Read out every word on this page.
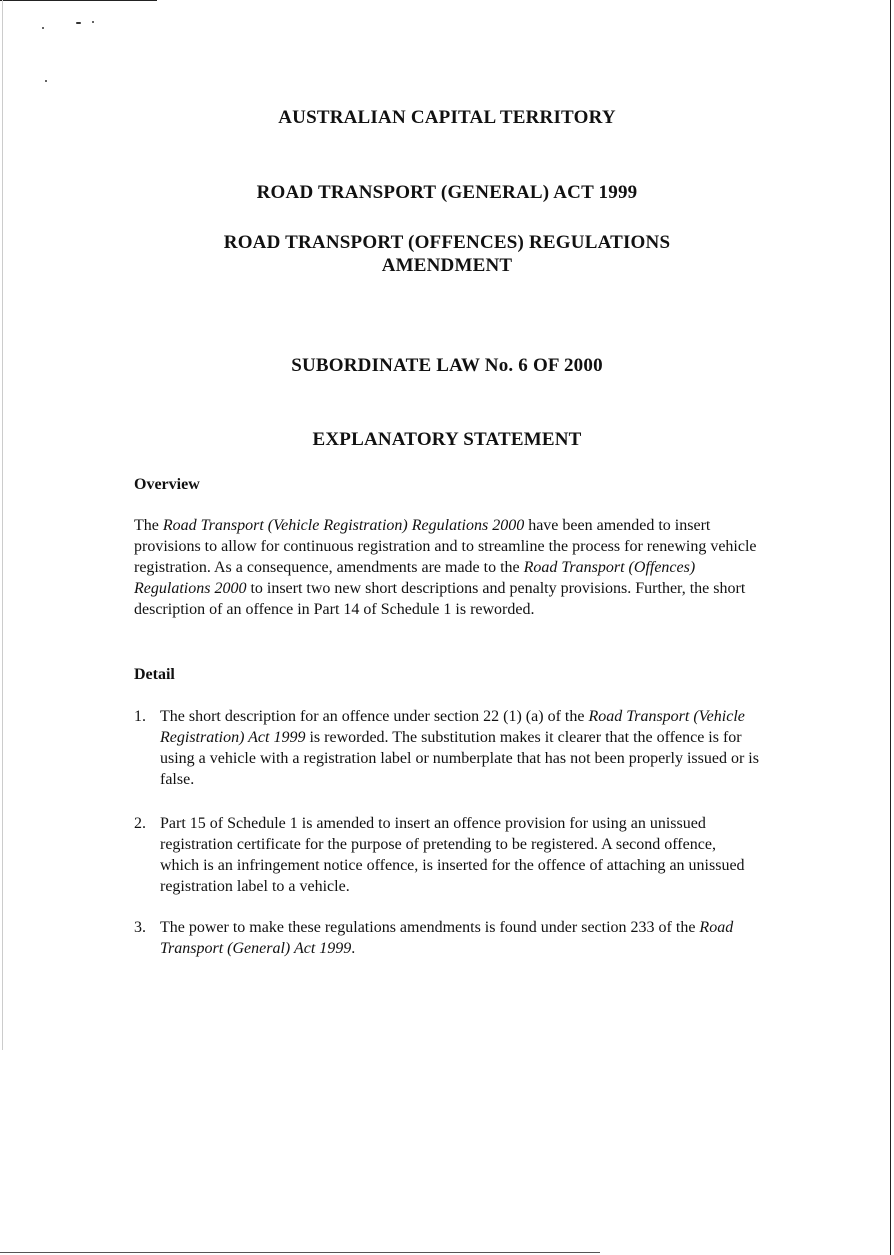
AUSTRALIAN CAPITAL TERRITORY
ROAD TRANSPORT (GENERAL) ACT 1999
ROAD TRANSPORT (OFFENCES) REGULATIONS
AMENDMENT
SUBORDINATE LAW No. 6 OF 2000
EXPLANATORY STATEMENT
Overview

The Road Transport (Vehicle Registration) Regulations 2000 have been amended to insert provisions to allow for continuous registration and to streamline the process for renewing vehicle registration. As a consequence, amendments are made to the Road Transport (Offences) Regulations 2000 to insert two new short descriptions and penalty provisions. Further, the short description of an offence in Part 14 of Schedule 1 is reworded.

Detail
1. The short description for an offence under section 22 (1) (a) of the Road Transport (Vehicle Registration) Act 1999 is reworded. The substitution makes it clearer that the offence is for using a vehicle with a registration label or numberplate that has not been properly issued or is false.
2. Part 15 of Schedule 1 is amended to insert an offence provision for using an unissued registration certificate for the purpose of pretending to be registered. A second offence, which is an infringement notice offence, is inserted for the offence of attaching an unissued registration label to a vehicle.
3. The power to make these regulations amendments is found under section 233 of the Road Transport (General) Act 1999.
